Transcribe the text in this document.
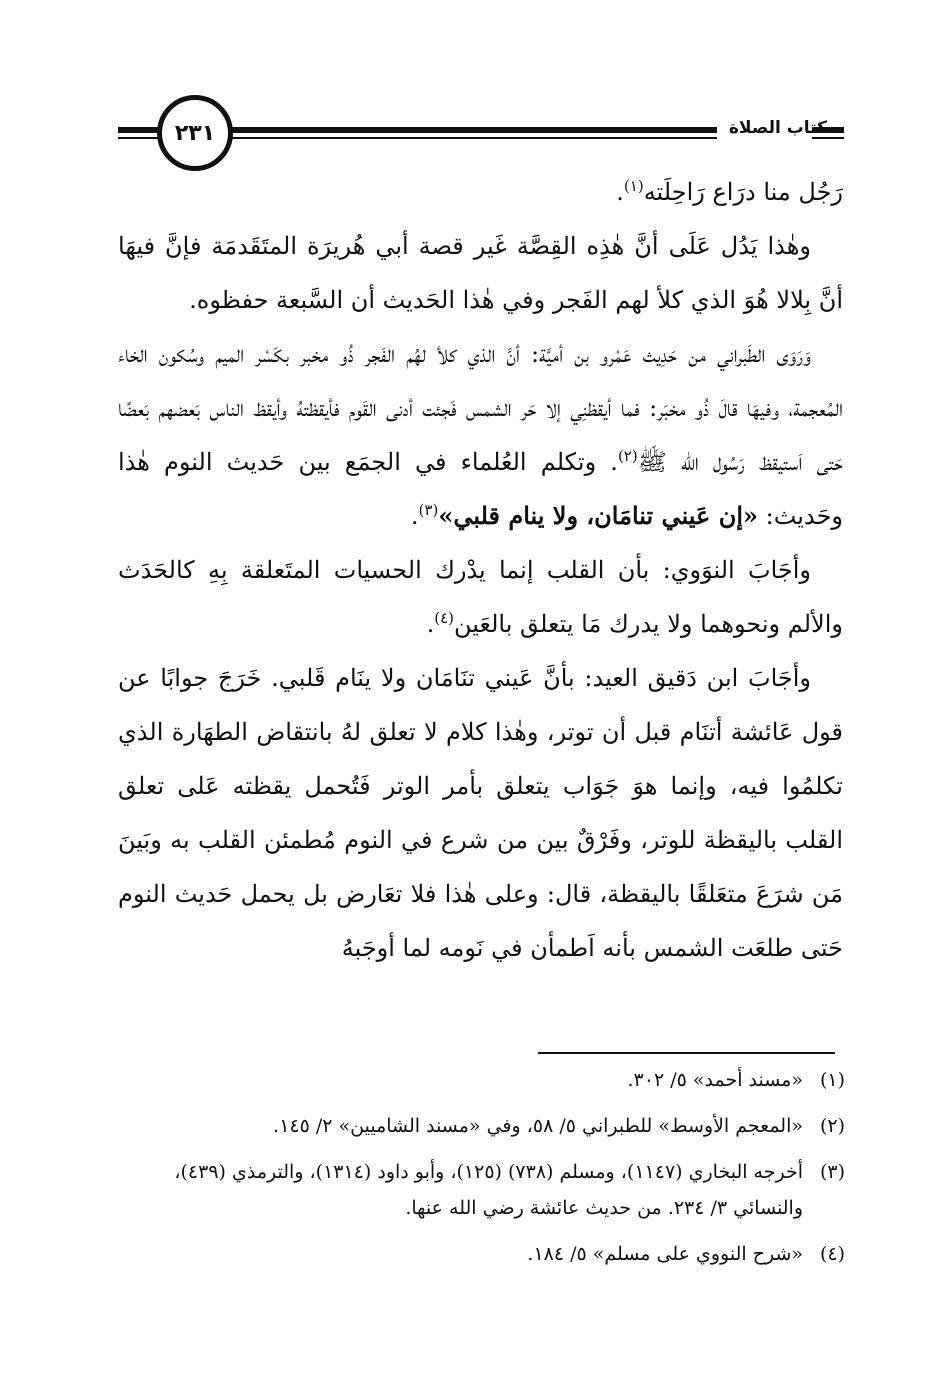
٢٣١	كتاب الصلاة

رَجُل منا درَاع رَاحِلَته$^{(١)}$.

وهٰذا يَدُل عَلَى أنَّ هٰذِه القِصَّة غَير قصة أبي هُريرَة المتَقَدمَة فإنَّ فيهَا أنَّ بِلالا هُوَ الذي كلأ لهم الفَجر وفي هٰذا الحَديث أن السَّبعة حفظوه.

وَرَوَى الطَبراني من حَدِيث عَمْرو بن أميَّة: أنَّ الذي كلأ لهُم الفَجر ذُو مخبر بكَسْر الميم وسُكون الخاء المُعجمة، وفيهَا قالَ ذُو مخبَر: فما أيقظنِي إلا حَر الشمس فَجئت أدنى القَوم فأيقظتهُ وأيقظ الناس بَعضهم بَعضًا حَتى اَستيقظ رَسُول الله ﷺ$^{(٢)}$. وتكلم العُلماء في الجمَع بين حَديث النوم هٰذا وحَديث: «إن عَيني تنامَان، ولا ينام قلبي»$^{(٣)}$.

وأجَابَ النوَوي: بأن القلب إنما يدْرك الحسيات المتَعلقة بِهِ كالحَدَث والألم ونحوهما ولا يدرك مَا يتعلق بالعَين$^{(٤)}$.

وأجَابَ ابن دَقيق العيد: بأنَّ عَيني تنَامَان ولا ينَام قَلبي. خَرَجَ جوابًا عن قول عَائشة أتنَام قبل أن توتر، وهٰذا كلام لا تعلق لهُ بانتقاض الطهَارة الذي تكلمُوا فيه، وإنما هوَ جَوَاب يتعلق بأمر الوتر فَتُحمل يقظته عَلى تعلق القلب باليقظة للوتر، وفَرْقٌ بين من شرع في النوم مُطمئن القلب به وبَينَ مَن شرَعَ متعَلقًا باليقظة، قال: وعلى هٰذا فلا تعَارض بل يحمل حَديث النوم حَتى طلعَت الشمس بأنه اَطمأن في نَومه لما أوجَبهُ

(١)
«مسند أحمد» ٥/ ٣٠٢.
(٢)
«المعجم الأوسط» للطبراني ٥/ ٥٨، وفي «مسند الشاميين» ٢/ ١٤٥.
(٣)
أخرجه البخاري (١١٤٧)، ومسلم (٧٣٨) (١٢٥)، وأبو داود (١٣١٤)، والترمذي (٤٣٩)، والنسائي ٣/ ٢٣٤. من حديث عائشة رضي الله عنها.
(٤)
«شرح النووي على مسلم» ٥/ ١٨٤.
